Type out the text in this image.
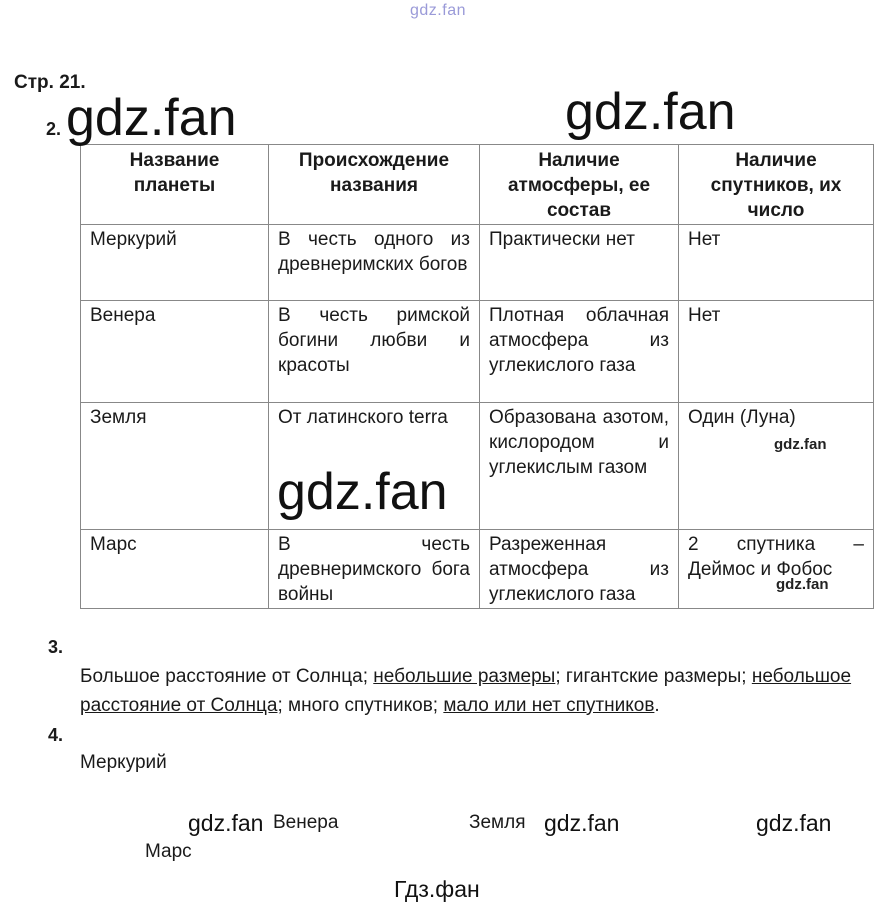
gdz.fan
Стр. 21.
2.
Название планеты	Происхождение названия	Наличие атмосферы, ее состав	Наличие спутников, их число
Меркурий	В честь одного из древнеримских богов	Практически нет	Нет
Венера	В честь римской богини любви и красоты	Плотная облачная атмосфера из углекислого газа	Нет
Земля	От латинского terra	Образована азотом, кислородом и углекислым газом	Один (Луна)
Марс	В честь древнеримского бога войны	Разреженная атмосфера из углекислого газа	2 спутника – Деймос и Фобос
gdz.fan	gdz.fan
gdz.fan
gdz.fan
gdz.fan
3.
Большое расстояние от Солнца; небольшие размеры; гигантские размеры; небольшое расстояние от Солнца; много спутников; мало или нет спутников.
4.
Меркурий
Венера	Земля
Марс
gdz.fan	gdz.fan	gdz.fan
Гдз.фан
